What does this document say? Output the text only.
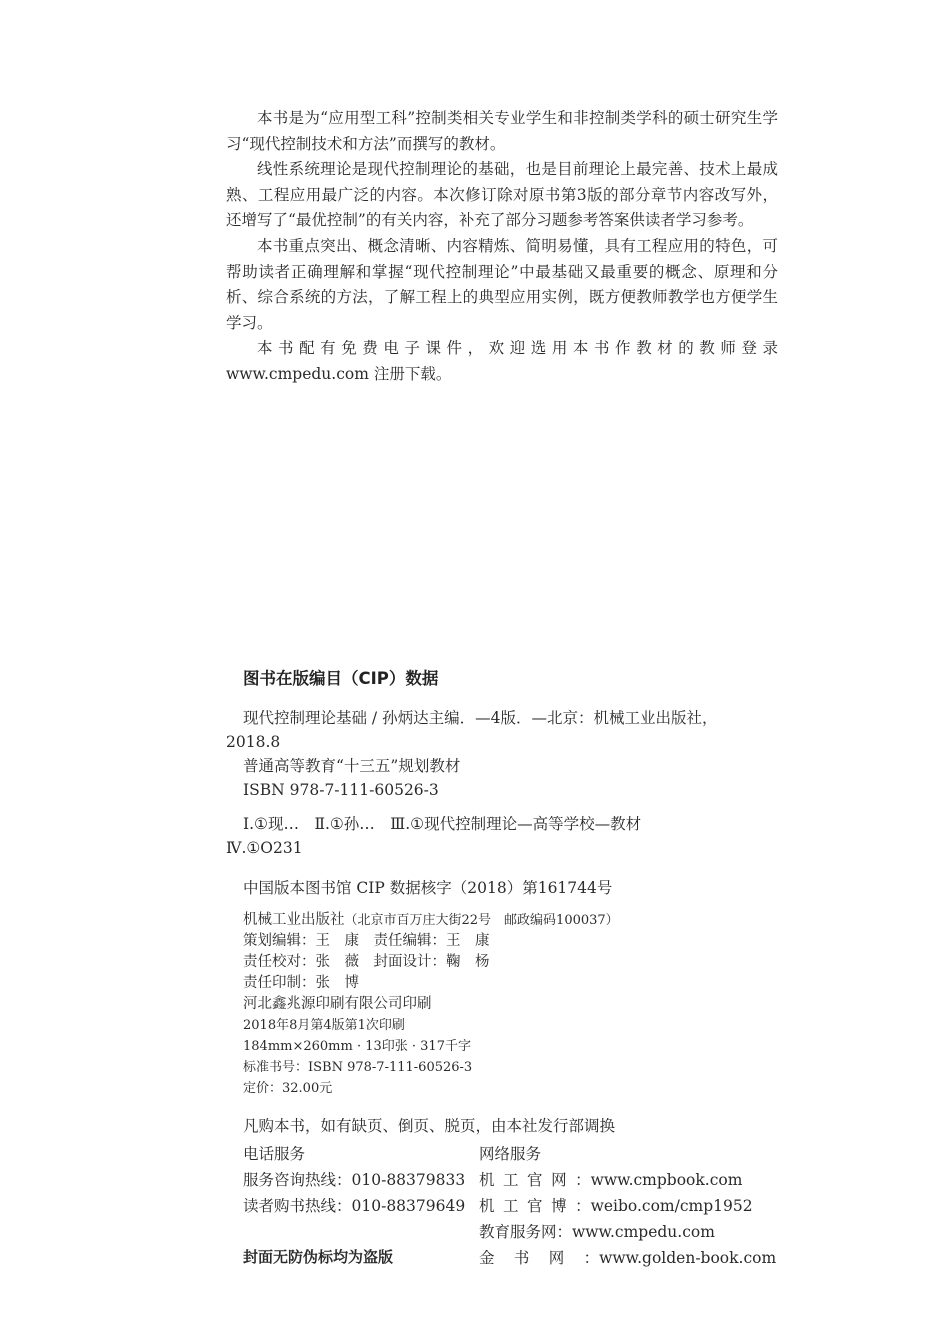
本书是为“应用型工科”控制类相关专业学生和非控制类学科的硕士研究生学习“现代控制技术和方法”而撰写的教材。

线性系统理论是现代控制理论的基础，也是目前理论上最完善、技术上最成熟、工程应用最广泛的内容。本次修订除对原书第3版的部分章节内容改写外，还增写了“最优控制”的有关内容，补充了部分习题参考答案供读者学习参考。

本书重点突出、概念清晰、内容精炼、简明易懂，具有工程应用的特色，可帮助读者正确理解和掌握“现代控制理论”中最基础又最重要的概念、原理和分析、综合系统的方法，了解工程上的典型应用实例，既方便教师教学也方便学生学习。

本书配有免费电子课件，欢迎选用本书作教材的教师登录 www.cmpedu.com 注册下载。

图书在版编目（CIP）数据
现代控制理论基础 / 孙炳达主编．—4版．—北京：机械工业出版社，
2018.8
普通高等教育“十三五”规划教材
ISBN 978-7-111-60526-3
Ⅰ.①现…　Ⅱ.①孙…　Ⅲ.①现代控制理论—高等学校—教材
Ⅳ.①O231
中国版本图书馆 CIP 数据核字（2018）第161744号
机械工业出版社（北京市百万庄大街22号　邮政编码100037）
策划编辑：王　康　责任编辑：王　康
责任校对：张　薇　封面设计：鞠　杨
责任印制：张　博
河北鑫兆源印刷有限公司印刷
2018年8月第4版第1次印刷
184mm×260mm · 13印张 · 317千字
标准书号：ISBN 978-7-111-60526-3
定价：32.00元
凡购本书，如有缺页、倒页、脱页，由本社发行部调换
电话服务	网络服务
服务咨询热线：010-88379833 机工官网：www.cmpbook.com
读者购书热线：010-88379649 机工官博：weibo.com/cmp1952
教育服务网：www.cmpedu.com
封面无防伪标均为盗版	金书网：www.golden-book.com
